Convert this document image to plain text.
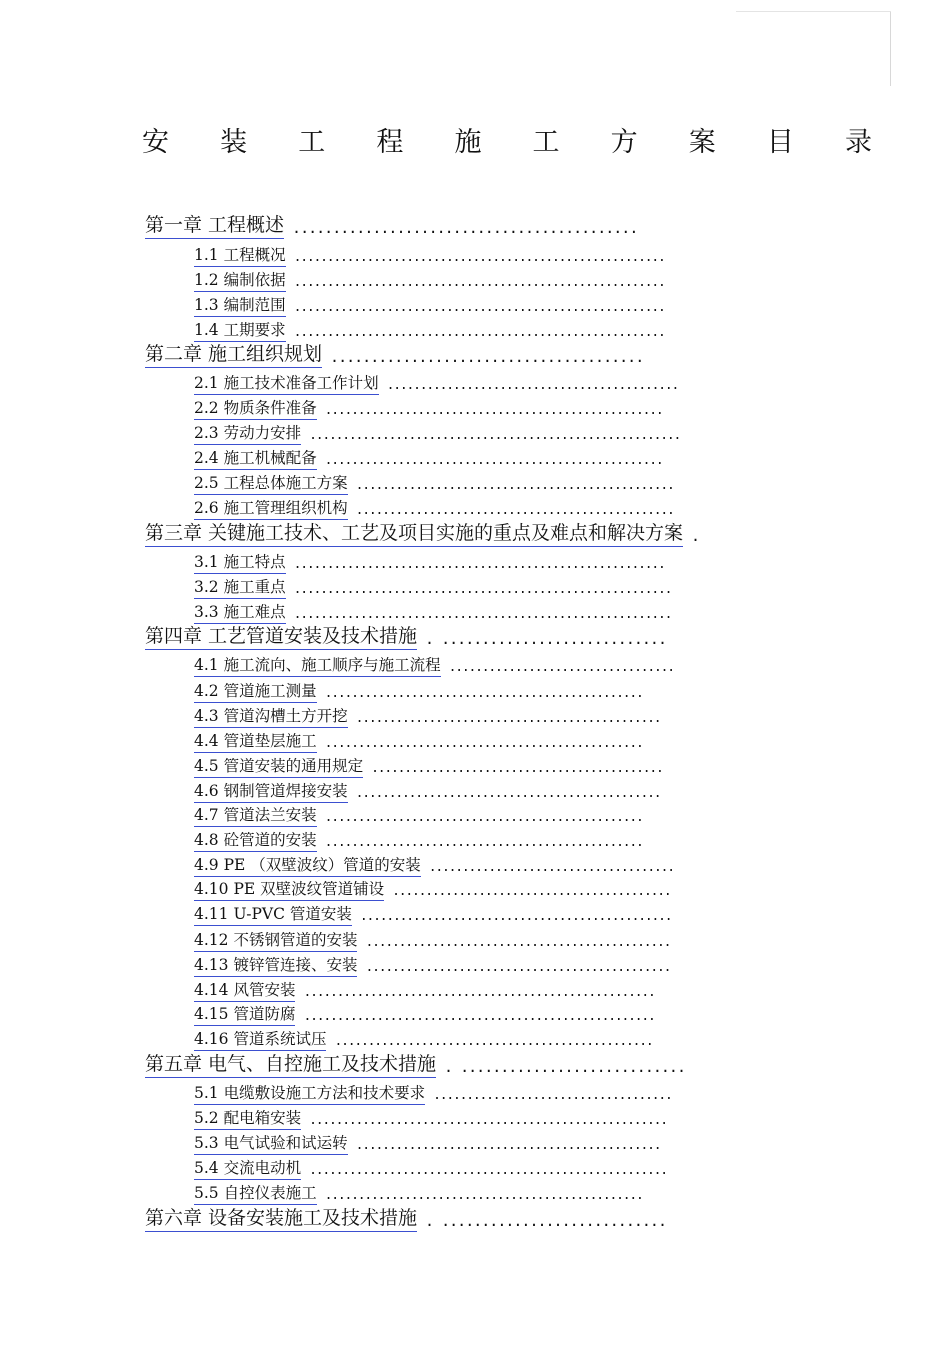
安 装 工 程 施 工 方 案 目 录
第一章 工程概述 ...........................................
1.1 工程概况 ........................................................
1.2 编制依据 ........................................................
1.3 编制范围 ........................................................
1.4 工期要求 ........................................................
第二章 施工组织规划 .......................................
2.1 施工技术准备工作计划 ............................................
2.2 物质条件准备 ...................................................
2.3 劳动力安排 ........................................................
2.4 施工机械配备 ...................................................
2.5 工程总体施工方案 ................................................
2.6 施工管理组织机构 ................................................
第三章 关键施工技术、工艺及项目实施的重点及难点和解决方案 .
3.1 施工特点 ........................................................
3.2 施工重点 .........................................................
3.3 施工难点 .........................................................
第四章 工艺管道安装及技术措施 . ............................
4.1 施工流向、施工顺序与施工流程 ..................................
4.2 管道施工测量 ................................................
4.3 管道沟槽土方开挖 ..............................................
4.4 管道垫层施工 ................................................
4.5 管道安装的通用规定 ............................................
4.6 钢制管道焊接安装 ..............................................
4.7 管道法兰安装 ................................................
4.8 砼管道的安装 ................................................
4.9 PE （双壁波纹）管道的安装 .....................................
4.10 PE 双壁波纹管道铺设 ..........................................
4.11 U-PVC 管道安装 ...............................................
4.12 不锈钢管道的安装 ..............................................
4.13 镀锌管连接、安装 ..............................................
4.14 风管安装 .....................................................
4.15 管道防腐 .....................................................
4.16 管道系统试压 ................................................
第五章 电气、自控施工及技术措施 . ............................
5.1 电缆敷设施工方法和技术要求 ....................................
5.2 配电箱安装 ......................................................
5.3 电气试验和试运转 ..............................................
5.4 交流电动机 ......................................................
5.5 自控仪表施工 ................................................
第六章 设备安装施工及技术措施 . ............................
